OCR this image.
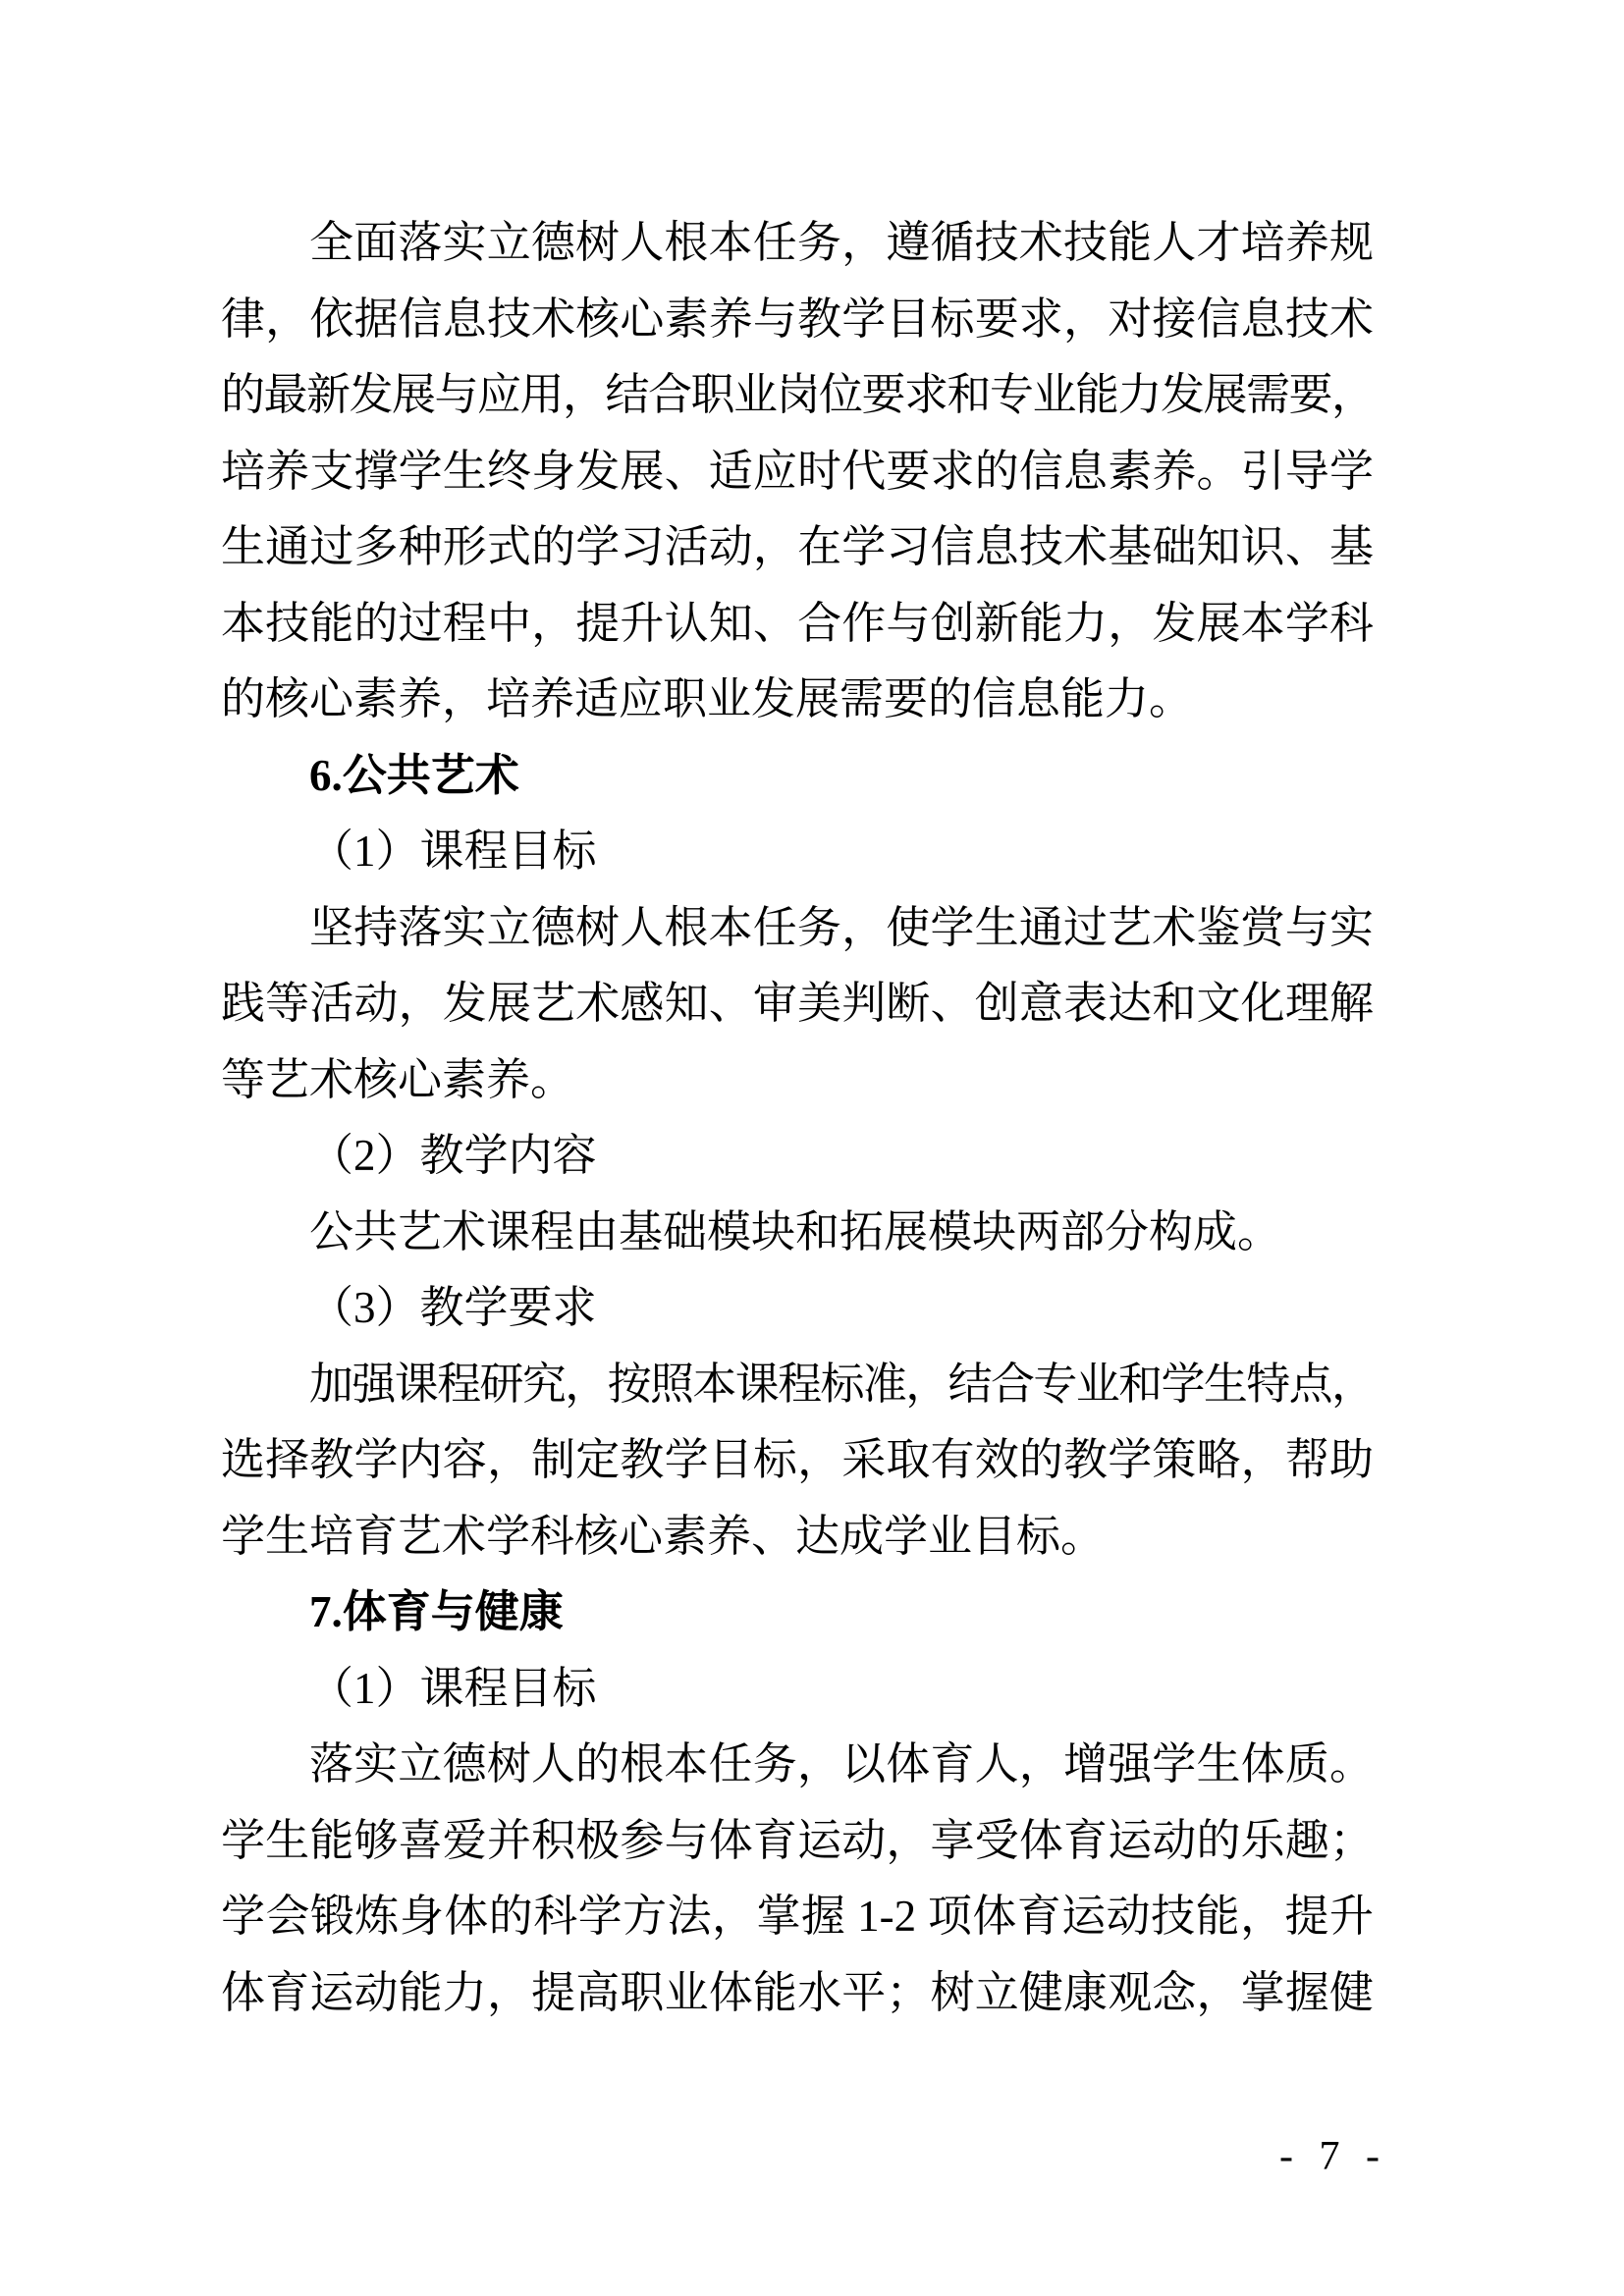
全面落实立德树人根本任务，遵循技术技能人才培养规
律，依据信息技术核心素养与教学目标要求，对接信息技术
的最新发展与应用，结合职业岗位要求和专业能力发展需要，
培养支撑学生终身发展、适应时代要求的信息素养。引导学
生通过多种形式的学习活动，在学习信息技术基础知识、基
本技能的过程中，提升认知、合作与创新能力，发展本学科
的核心素养，培养适应职业发展需要的信息能力。
6.公共艺术
（1）课程目标
坚持落实立德树人根本任务，使学生通过艺术鉴赏与实
践等活动，发展艺术感知、审美判断、创意表达和文化理解
等艺术核心素养。
（2）教学内容
公共艺术课程由基础模块和拓展模块两部分构成。
（3）教学要求
加强课程研究，按照本课程标准，结合专业和学生特点，
选择教学内容，制定教学目标，采取有效的教学策略，帮助
学生培育艺术学科核心素养、达成学业目标。
7.体育与健康
（1）课程目标
落实立德树人的根本任务，以体育人，增强学生体质。
学生能够喜爱并积极参与体育运动，享受体育运动的乐趣；
学会锻炼身体的科学方法，掌握 1-2 项体育运动技能，提升
体育运动能力，提高职业体能水平；树立健康观念，掌握健
- 7 -
